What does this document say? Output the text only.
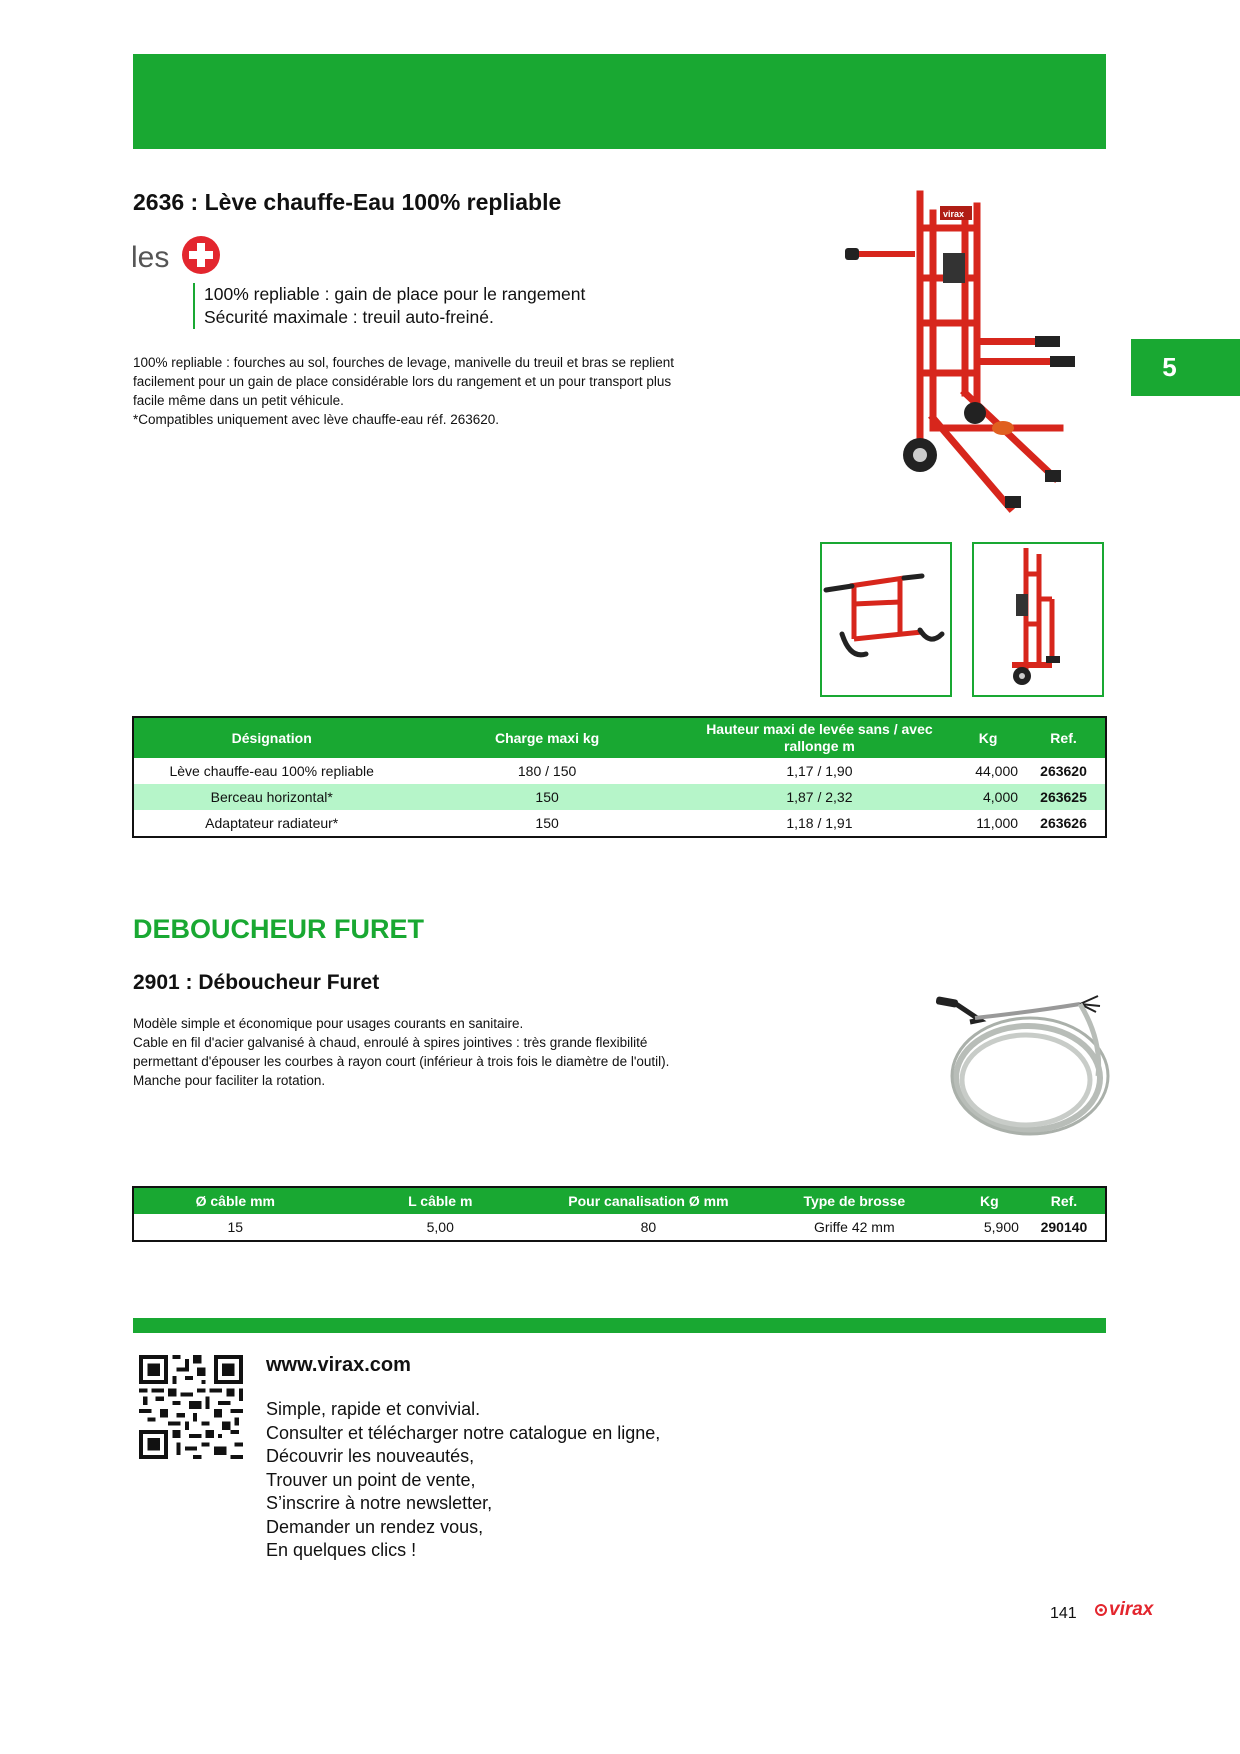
5
2636 : Lève chauffe-Eau 100% repliable
les
100% repliable : gain de place pour le rangement
Sécurité maximale : treuil auto-freiné.
100% repliable : fourches au sol, fourches de levage, manivelle du treuil et bras se replient
facilement pour un gain de place considérable lors du rangement et un pour transport plus
facile même dans un petit véhicule.
*Compatibles uniquement avec lève chauffe-eau réf. 263620.
virax
Désignation	Charge maxi kg	Hauteur maxi de levée sans / avec rallonge m	Kg	Ref.
Lève chauffe-eau 100% repliable	180 / 150	1,17 / 1,90	44,000	263620
Berceau horizontal*	150	1,87 / 2,32	4,000	263625
Adaptateur radiateur*	150	1,18 / 1,91	11,000	263626
DEBOUCHEUR FURET
2901 : Déboucheur Furet
Modèle simple et économique pour usages courants en sanitaire.
Cable en fil d'acier galvanisé à chaud, enroulé à spires jointives : très grande flexibilité
permettant d'épouser les courbes à rayon court (inférieur à trois fois le diamètre de l'outil).
Manche pour faciliter la rotation.
Ø câble mm	L câble m	Pour canalisation Ø mm	Type de brosse	Kg	Ref.
15	5,00	80	Griffe 42 mm	5,900	290140
www.virax.com
Simple, rapide et convivial.
Consulter et télécharger notre catalogue en ligne,
Découvrir les nouveautés,
Trouver un point de vente,
S’inscrire à notre newsletter,
Demander un rendez vous,
En quelques clics !
141 virax
